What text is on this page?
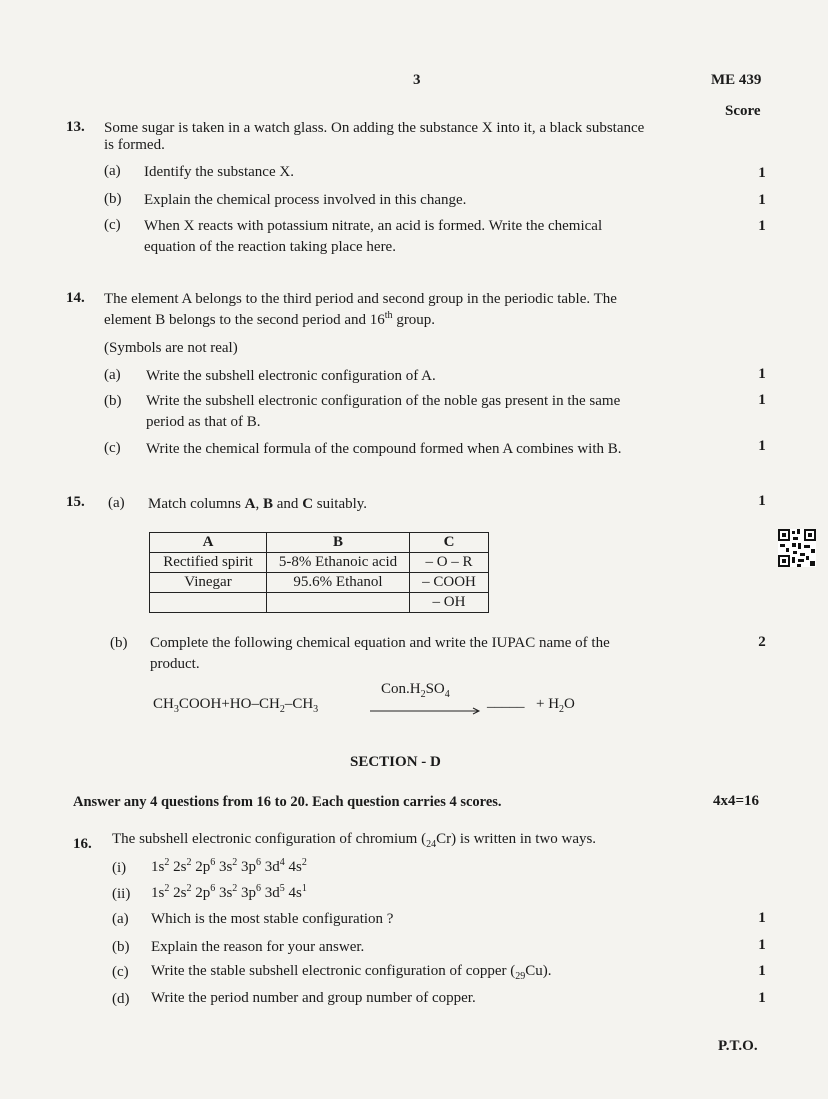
3	ME 439
Score
13. Some sugar is taken in a watch glass. On adding the substance X into it, a black substance
is formed.
(a) Identify the substance X.	1
(b) Explain the chemical process involved in this change.	1
(c) When X reacts with potassium nitrate, an acid is formed. Write the chemical
equation of the reaction taking place here.
1
14. The element A belongs to the third period and second group in the periodic table. The
element B belongs to the second period and 16th group.
(Symbols are not real)
(a) Write the subshell electronic configuration of A.	1
(b) Write the subshell electronic configuration of the noble gas present in the same
period as that of B.
1
(c) Write the chemical formula of the compound formed when A combines with B.	1
15. (a) Match columns A, B and C suitably.	1
A	B	C
Rectified spirit	5-8% Ethanoic acid	– O – R
Vinegar	95.6% Ethanol	– COOH
		– OH
(b) Complete the following chemical equation and write the IUPAC name of the
product.
2
$CH_3COOH+HO-CH_2-CH_3$
$Con.H_2SO_4$ _____ + $H_2O$
SECTION - D
Answer any 4 questions from 16 to 20. Each question carries 4 scores.	4x4=16
16. The subshell electronic configuration of chromium $(_{24}Cr)$ is written in two ways.
(i) $1s^2$ $2s^2$ $2p^6$ $3s^2$ $3p^6$ $3d^4$ $4s^2$
(ii) $1s^2$ $2s^2$ $2p^6$ $3s^2$ $3p^6$ $3d^5$ $4s^1$
(a) Which is the most stable configuration ?	1
(b) Explain the reason for your answer.	1
(c) Write the stable subshell electronic configuration of copper $(_{29}Cu)$.	1
(d) Write the period number and group number of copper.	1
P.T.O.
